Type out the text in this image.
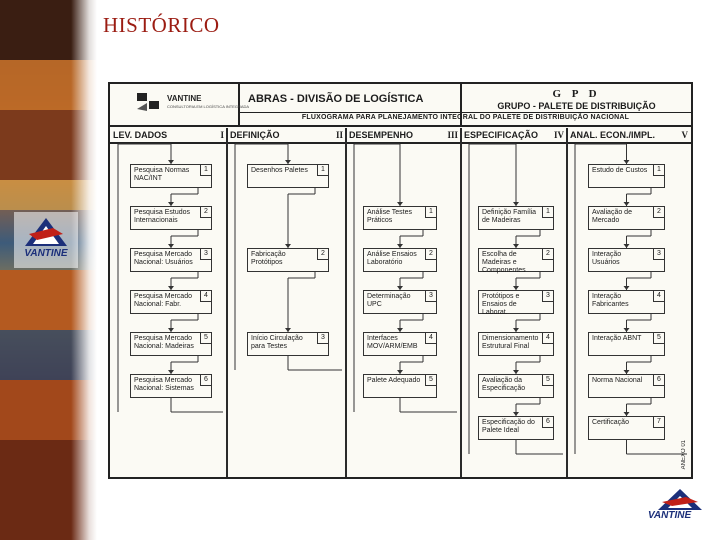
VANTINE
HISTÓRICO
VANTINE
CONSULTORIA EM LOGÍSTICA INTEGRADA
ABRAS - DIVISÃO DE LOGÍSTICA	G P D
GRUPO - PALETE DE DISTRIBUIÇÃO
FLUXOGRAMA PARA PLANEJAMENTO INTEGRAL DO PALETE DE DISTRIBUIÇÃO NACIONAL
LEV. DADOS	I
Pesquisa Normas NAC/INT
1
Pesquisa Estudos Internacionais
2
Pesquisa Mercado Nacional: Usuários
3
Pesquisa Mercado Nacional: Fabr.
4
Pesquisa Mercado Nacional: Madeiras
5
Pesquisa Mercado Nacional: Sistemas
6
DEFINIÇÃO	II
Desenhos Paletes	1
Fabricação Protótipos
2
Início Circulação para Testes
3
DESEMPENHO	III
Análise Testes Práticos
1
Análise Ensaios Laboratório
2
Determinação UPC
3
Interfaces MOV/ARM/EMB
4
Palete Adequado	5
ESPECIFICAÇÃO IV
Definição Família de Madeiras
1
Escolha de Madeiras e Componentes
2
Protótipos e Ensaios de Laborat.
3
Dimensionamento Estrutural Final
4
Avaliação da Especificação
5
Especificação do Palete Ideal
6
ANAL. ECON./IMPL.	V
Estudo de Custos	1
Avaliação de Mercado
2
Interação Usuários
3
Interação Fabricantes
4
Interação ABNT	5
Norma Nacional	6
Certificação	7
ANEXO 01
VANTINE
